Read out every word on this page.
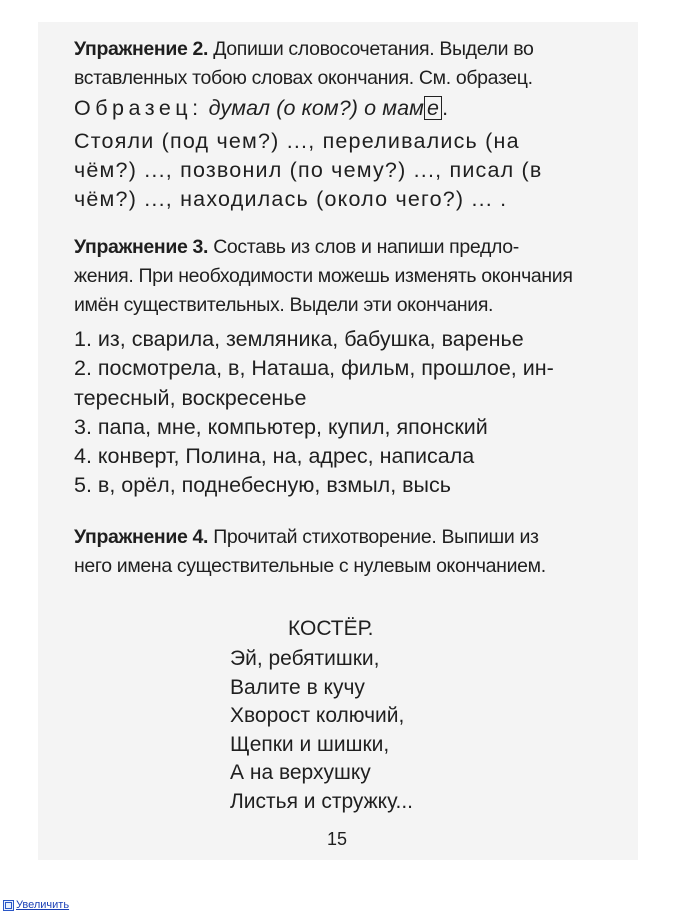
Упражнение 2. Допиши словосочетания. Выдели во
вставленных тобою словах окончания. См. образец.
Образец: думал (о ком?) о мам е .
Стояли (под чем?) ..., переливались (на
чём?) ..., позвонил (по чему?) ..., писал (в
чём?) ..., находилась (около чего?) ... .
Упражнение 3. Составь из слов и напиши предло-
жения. При необходимости можешь изменять окончания
имён существительных. Выдели эти окончания.
1. из, сварила, земляника, бабушка, варенье
2. посмотрела, в, Наташа, фильм, прошлое, ин-
тересный, воскресенье
3. папа, мне, компьютер, купил, японский
4. конверт, Полина, на, адрес, написала
5. в, орёл, поднебесную, взмыл, высь
Упражнение 4. Прочитай стихотворение. Выпиши из
него имена существительные с нулевым окончанием.
КОСТЁР.
Эй, ребятишки,
Валите в кучу
Хворост колючий,
Щепки и шишки,
А на верхушку
Листья и стружку...
15
Увеличить
